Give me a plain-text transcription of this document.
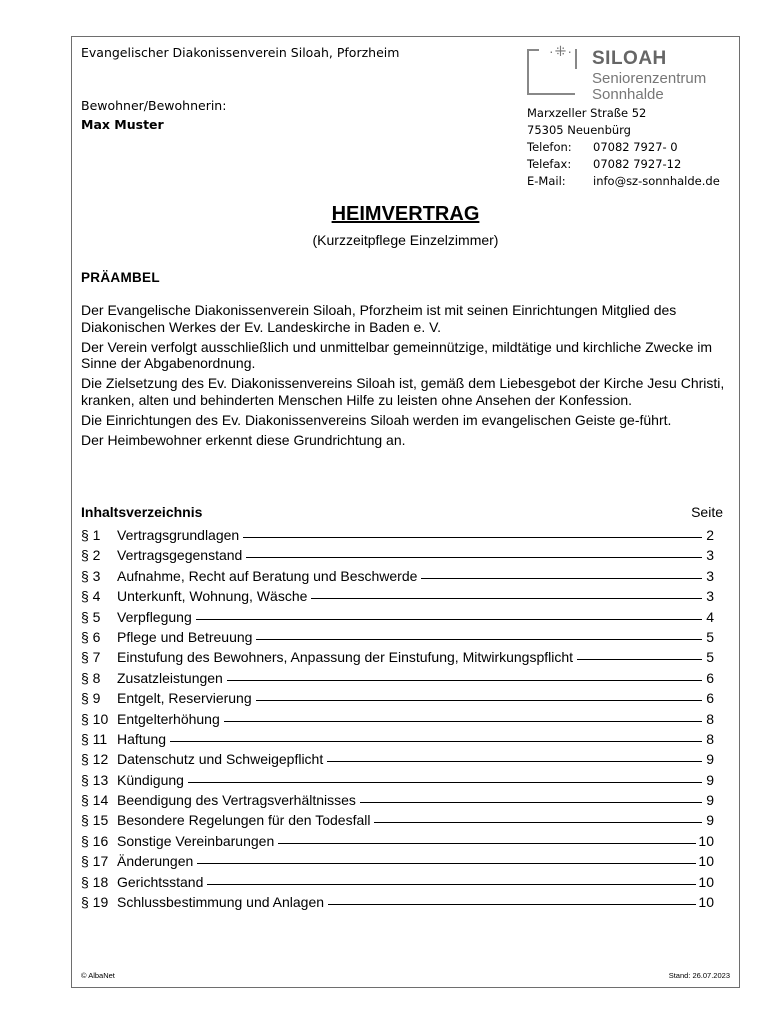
Evangelischer Diakonissenverein Siloah, Pforzheim
Bewohner/Bewohnerin:
Max Muster
·⁜· SILOAH
Seniorenzentrum
Sonnhalde
Marxzeller Straße 52
75305 Neuenbürg
Telefon:	07082 7927- 0
Telefax:	07082 7927-12
E-Mail:	info@sz-sonnhalde.de
HEIMVERTRAG
(Kurzzeitpflege Einzelzimmer)
PRÄAMBEL

Der Evangelische Diakonissenverein Siloah, Pforzheim ist mit seinen Einrichtungen Mitglied des Diakonischen Werkes der Ev. Landeskirche in Baden e. V.

Der Verein verfolgt ausschließlich und unmittelbar gemeinnützige, mildtätige und kirchliche Zwecke im Sinne der Abgabenordnung.

Die Zielsetzung des Ev. Diakonissenvereins Siloah ist, gemäß dem Liebesgebot der Kirche Jesu Christi, kranken, alten und behinderten Menschen Hilfe zu leisten ohne Ansehen der Konfession.

Die Einrichtungen des Ev. Diakonissenvereins Siloah werden im evangelischen Geiste ge-führt.

Der Heimbewohner erkennt diese Grundrichtung an.

Inhaltsverzeichnis	Seite
§ 1	Vertragsgrundlagen	2
§ 2	Vertragsgegenstand	3
§ 3	Aufnahme, Recht auf Beratung und Beschwerde	3
§ 4	Unterkunft, Wohnung, Wäsche	3
§ 5	Verpflegung	4
§ 6	Pflege und Betreuung	5
§ 7	Einstufung des Bewohners, Anpassung der Einstufung, Mitwirkungspflicht	5
§ 8	Zusatzleistungen	6
§ 9	Entgelt, Reservierung	6
§ 10 Entgelterhöhung	8
§ 11 Haftung	8
§ 12 Datenschutz und Schweigepflicht	9
§ 13 Kündigung	9
§ 14 Beendigung des Vertragsverhältnisses	9
§ 15 Besondere Regelungen für den Todesfall	9
§ 16 Sonstige Vereinbarungen	10
§ 17 Änderungen	10
§ 18 Gerichtsstand	10
§ 19 Schlussbestimmung und Anlagen	10
© AlbaNet	Stand: 26.07.2023
